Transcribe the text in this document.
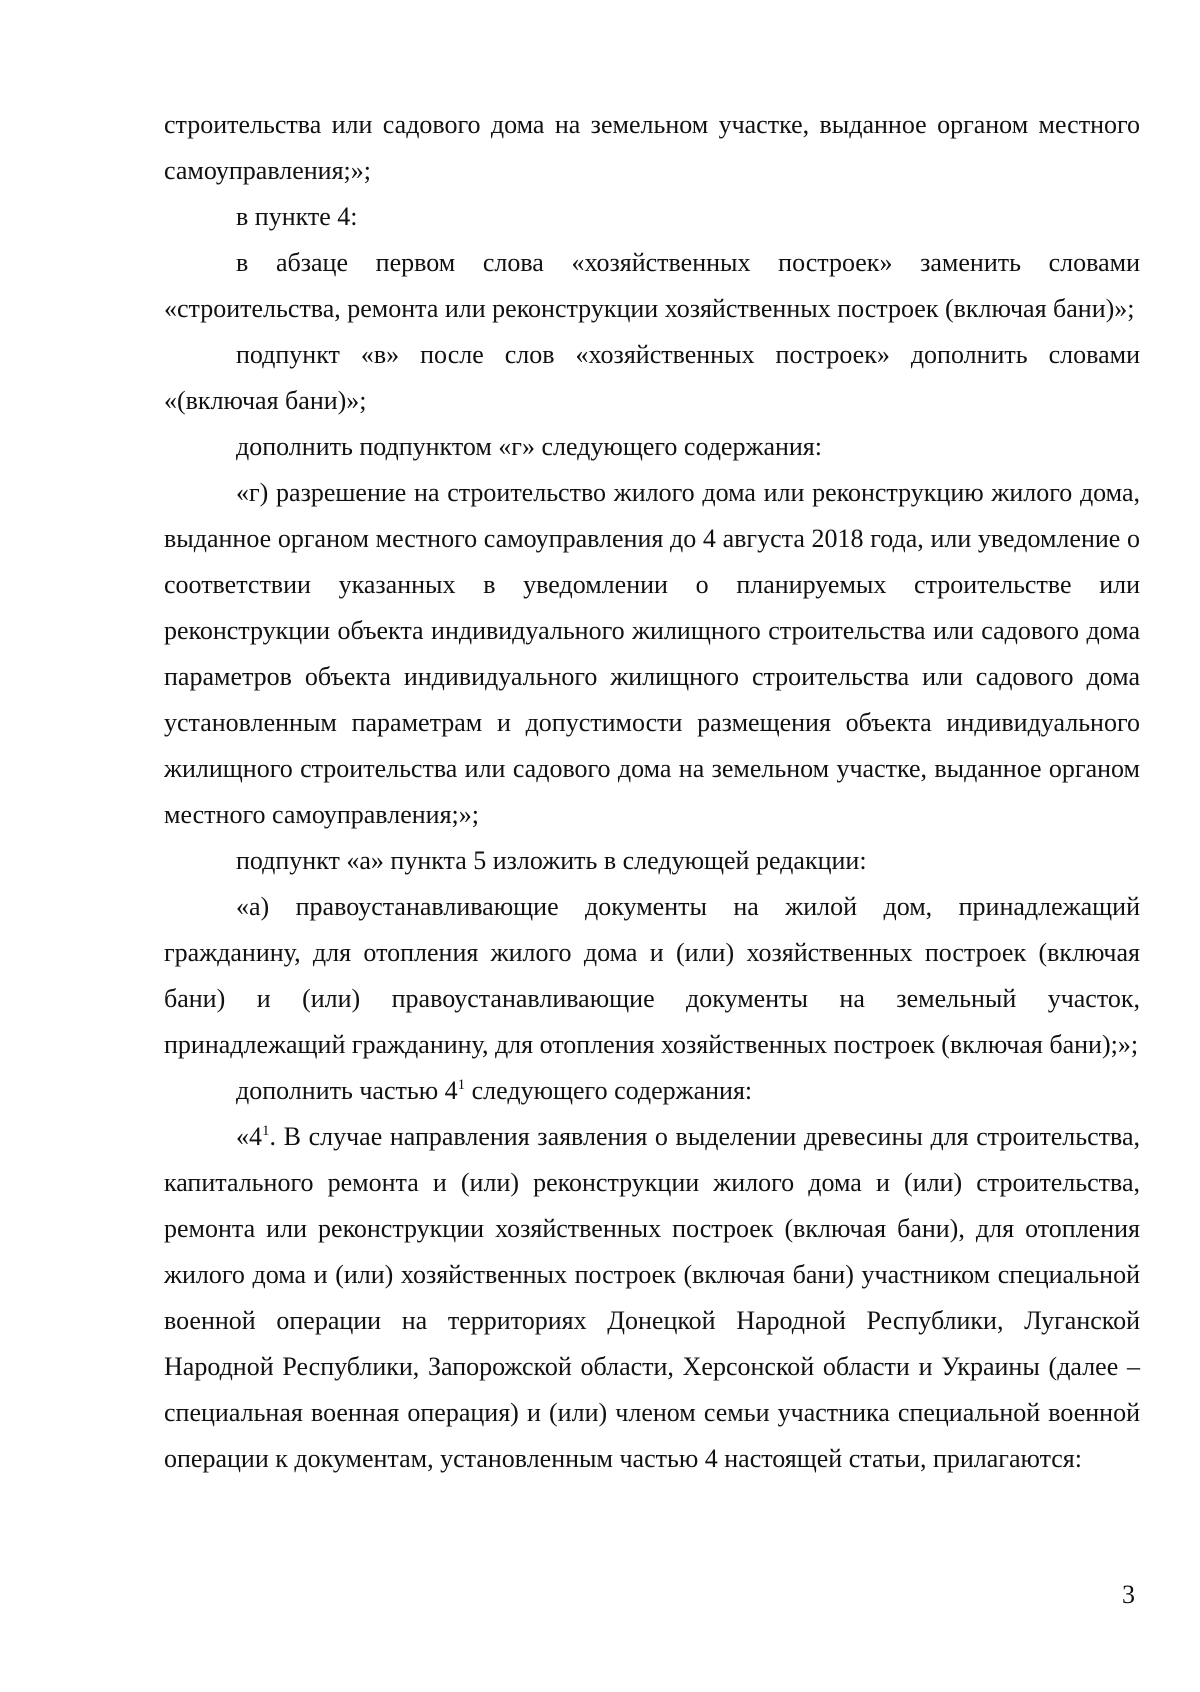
строительства или садового дома на земельном участке, выданное органом местного самоуправления;»;

в пункте 4:

в абзаце первом слова «хозяйственных построек» заменить словами «строительства, ремонта или реконструкции хозяйственных построек (включая бани)»;

подпункт «в» после слов «хозяйственных построек» дополнить словами «(включая бани)»;

дополнить подпунктом «г» следующего содержания:

«г) разрешение на строительство жилого дома или реконструкцию жилого дома, выданное органом местного самоуправления до 4 августа 2018 года, или уведомление о соответствии указанных в уведомлении о планируемых строительстве или реконструкции объекта индивидуального жилищного строительства или садового дома параметров объекта индивидуального жилищного строительства или садового дома установленным параметрам и допустимости размещения объекта индивидуального жилищного строительства или садового дома на земельном участке, выданное органом местного самоуправления;»;

подпункт «а» пункта 5 изложить в следующей редакции:

«а) правоустанавливающие документы на жилой дом, принадлежащий гражданину, для отопления жилого дома и (или) хозяйственных построек (включая бани) и (или) правоустанавливающие документы на земельный участок, принадлежащий гражданину, для отопления хозяйственных построек (включая бани);»;

дополнить частью $4^1$ следующего содержания:

«$4^1$. В случае направления заявления о выделении древесины для строительства, капитального ремонта и (или) реконструкции жилого дома и (или) строительства, ремонта или реконструкции хозяйственных построек (включая бани), для отопления жилого дома и (или) хозяйственных построек (включая бани) участником специальной военной операции на территориях Донецкой Народной Республики, Луганской Народной Республики, Запорожской области, Херсонской области и Украины (далее – специальная военная операция) и (или) членом семьи участника специальной военной операции к документам, установленным частью 4 настоящей статьи, прилагаются:

3
